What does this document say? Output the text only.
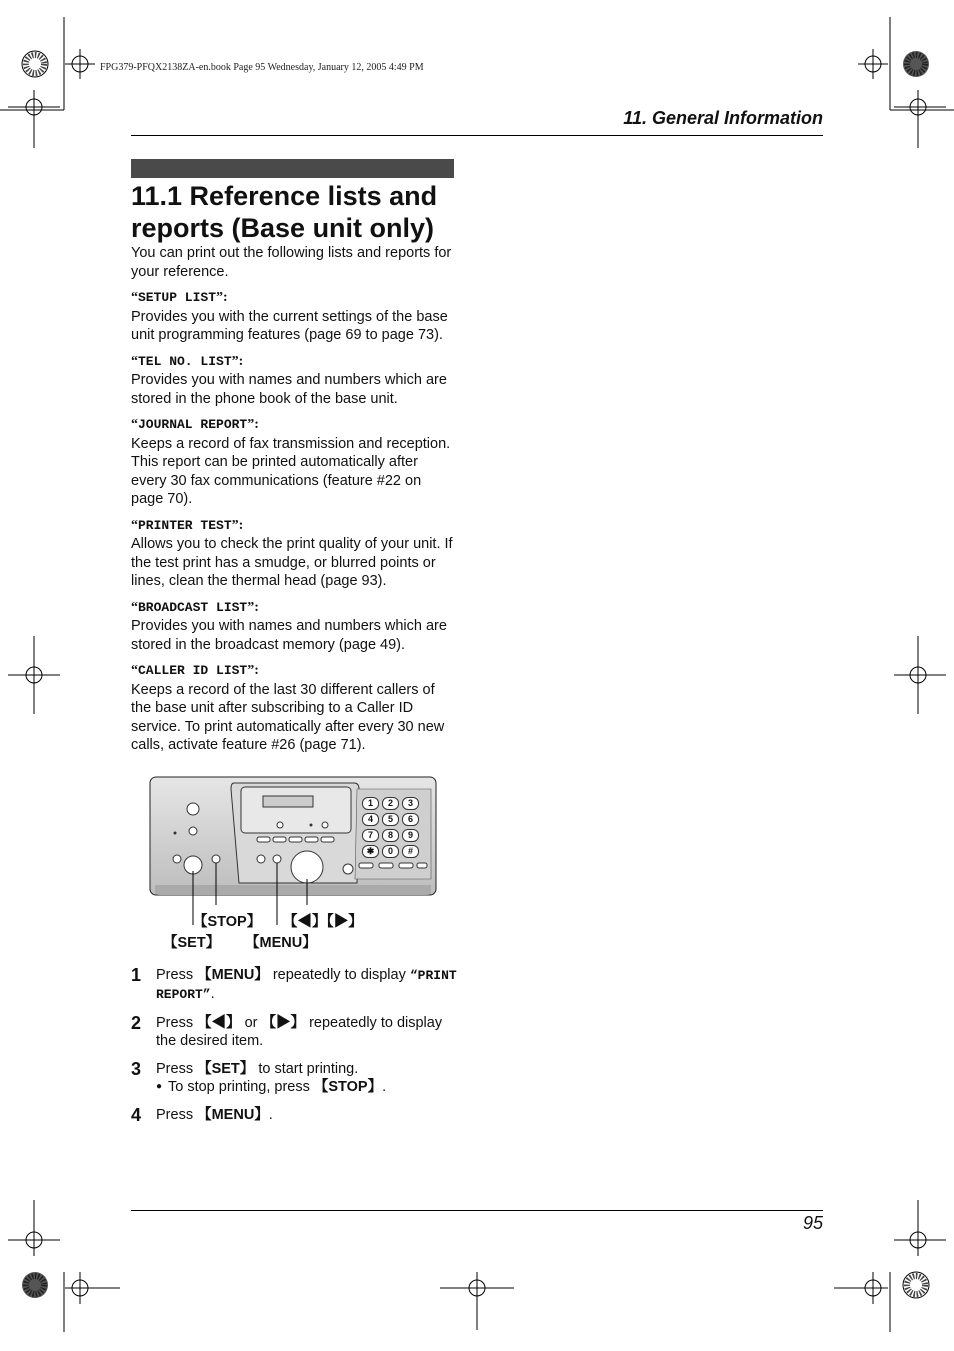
FPG379-PFQX2138ZA-en.book Page 95 Wednesday, January 12, 2005 4:49 PM
11. General Information
11.1 Reference lists and reports (Base unit only)

You can print out the following lists and reports for your reference.

“SETUP LIST”:

Provides you with the current settings of the base unit programming features (page 69 to page 73).

“TEL NO. LIST”:

Provides you with names and numbers which are stored in the phone book of the base unit.

“JOURNAL REPORT”:

Keeps a record of fax transmission and reception. This report can be printed automatically after every 30 fax communications (feature #22 on page 70).

“PRINTER TEST”:

Allows you to check the print quality of your unit. If the test print has a smudge, or blurred points or lines, clean the thermal head (page 93).

“BROADCAST LIST”:

Provides you with names and numbers which are stored in the broadcast memory (page 49).

“CALLER ID LIST”:

Keeps a record of the last 30 different callers of the base unit after subscribing to a Caller ID service. To print automatically after every 30 new calls, activate feature #26 (page 71).

1	2	3
4	5	6
7	8	9
✱	0	#
【STOP】 【◀】【▶】
【SET】 【MENU】
1	Press 【MENU】 repeatedly to display “PRINT REPORT”.
2	Press 【◀】 or 【▶】 repeatedly to display the desired item.
3	Press 【SET】 to start printing.
● To stop printing, press 【STOP】.
4	Press 【MENU】.
95
